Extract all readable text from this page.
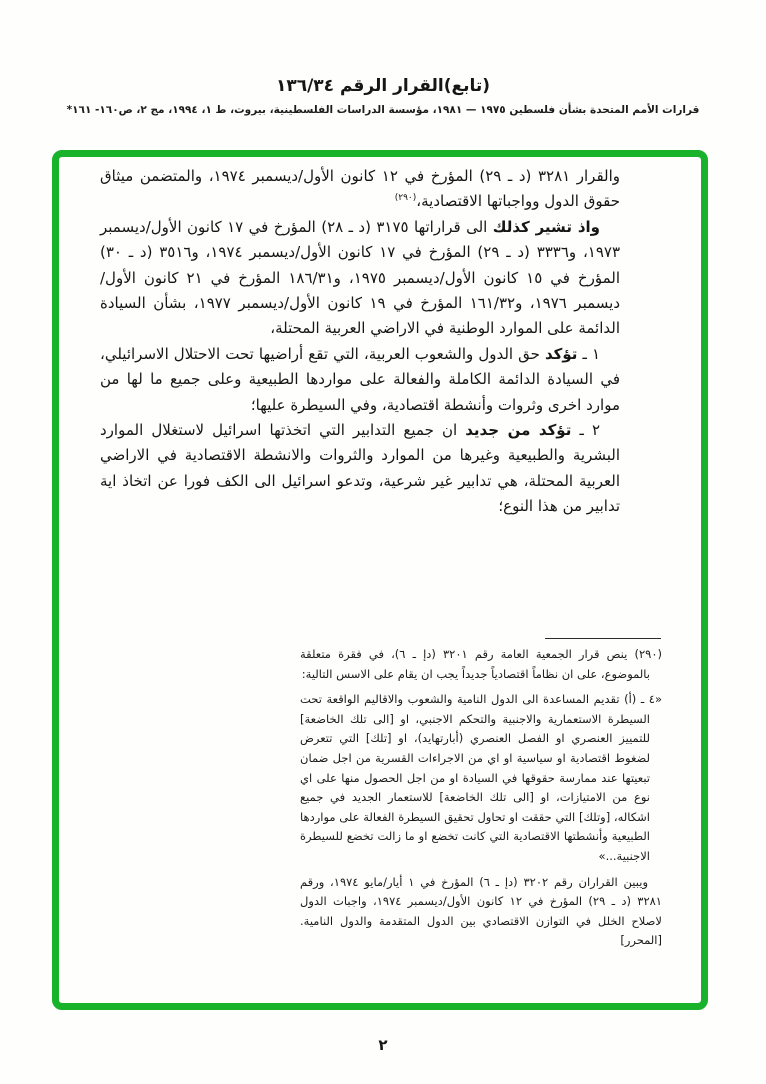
(تابع)القرار الرقم ١٣٦/٣٤
قرارات الأمم المتحدة بشأن فلسطين ١٩٧٥ — ١٩٨١، مؤسسة الدراسات الفلسطينية، بيروت، ط ١، ١٩٩٤، مج ٢، ص١٦٠- ١٦١*

والقرار ٣٢٨١ (د ـ ٢٩) المؤرخ في ١٢ كانون الأول/ديسمبر ١٩٧٤، والمتضمن ميثاق حقوق الدول وواجباتها الاقتصادية،$^{(٢٩٠)}$

واذ تشير كذلك الى قراراتها ٣١٧٥ (د ـ ٢٨) المؤرخ في ١٧ كانون الأول/ديسمبر ١٩٧٣، و٣٣٣٦ (د ـ ٢٩) المؤرخ في ١٧ كانون الأول/ديسمبر ١٩٧٤، و٣٥١٦ (د ـ ٣٠) المؤرخ في ١٥ كانون الأول/ديسمبر ١٩٧٥، و١٨٦/٣١ المؤرخ في ٢١ كانون الأول/ديسمبر ١٩٧٦، و١٦١/٣٢ المؤرخ في ١٩ كانون الأول/ديسمبر ١٩٧٧، بشأن السيادة الدائمة على الموارد الوطنية في الاراضي العربية المحتلة،

١ ـ تؤكد حق الدول والشعوب العربية، التي تقع أراضيها تحت الاحتلال الاسرائيلي، في السيادة الدائمة الكاملة والفعالة على مواردها الطبيعية وعلى جميع ما لها من موارد اخرى وثروات وأنشطة اقتصادية، وفي السيطرة عليها؛

٢ ـ تؤكد من جديد ان جميع التدابير التي اتخذتها اسرائيل لاستغلال الموارد البشرية والطبيعية وغيرها من الموارد والثروات والانشطة الاقتصادية في الاراضي العربية المحتلة، هي تدابير غير شرعية، وتدعو اسرائيل الى الكف فورا عن اتخاذ اية تدابير من هذا النوع؛

(٢٩٠) ينص قرار الجمعية العامة رقم ٣٢٠١ (دإ ـ ٦)، في فقرة متعلقة بالموضوع، على ان نظاماً اقتصادياً جديداً يجب ان يقام على الاسس التالية:

«٤ ـ (أ) تقديم المساعدة الى الدول النامية والشعوب والاقاليم الواقعة تحت السيطرة الاستعمارية والاجنبية والتحكم الاجنبي، او [الى تلك الخاضعة] للتمييز العنصري او الفصل العنصري (أبارتهايد)، او [تلك] التي تتعرض لضغوط اقتصادية او سياسية او اي من الاجراءات القسرية من اجل ضمان تبعيتها عند ممارسة حقوقها في السيادة او من اجل الحصول منها على اي نوع من الامتيازات، او [الى تلك الخاضعة] للاستعمار الجديد في جميع اشكاله، [وتلك] التي حققت او تحاول تحقيق السيطرة الفعالة على مواردها الطبيعية وأنشطتها الاقتصادية التي كانت تخضع او ما زالت تخضع للسيطرة الاجنبية...»

ويبين القراران رقم ٣٢٠٢ (دإ ـ ٦) المؤرخ في ١ أيار/مايو ١٩٧٤، ورقم ٣٢٨١ (د ـ ٢٩) المؤرخ في ١٢ كانون الأول/ديسمبر ١٩٧٤، واجبات الدول لاصلاح الخلل في التوازن الاقتصادي بين الدول المتقدمة والدول النامية. [المحرر]

٢
